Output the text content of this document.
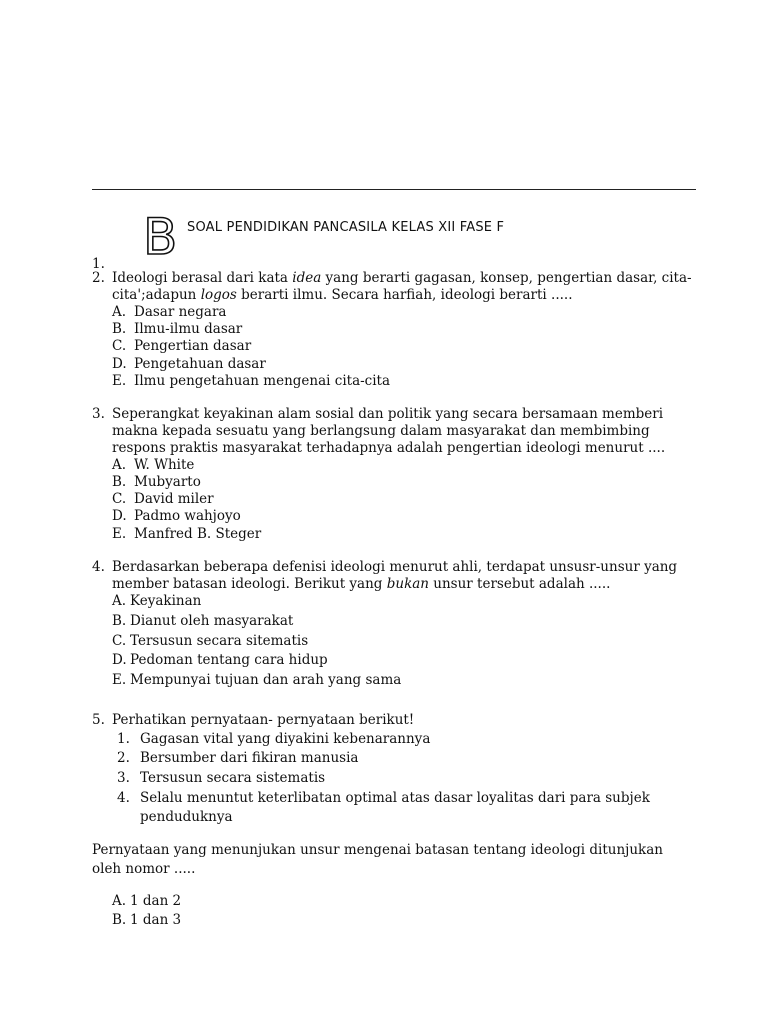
B SOAL PENDIDIKAN PANCASILA KELAS XII FASE F
1.
2. Ideologi berasal dari kata idea yang berarti gagasan, konsep, pengertian dasar, cita-
cita';adapun logos berarti ilmu. Secara harfiah, ideologi berarti .....
A. Dasar negara
B. Ilmu-ilmu dasar
C. Pengertian dasar
D. Pengetahuan dasar
E. Ilmu pengetahuan mengenai cita-cita
3. Seperangkat keyakinan alam sosial dan politik yang secara bersamaan memberi
makna kepada sesuatu yang berlangsung dalam masyarakat dan membimbing
respons praktis masyarakat terhadapnya adalah pengertian ideologi menurut ....
A. W. White
B. Mubyarto
C. David miler
D. Padmo wahjoyo
E. Manfred B. Steger
4. Berdasarkan beberapa defenisi ideologi menurut ahli, terdapat unsusr-unsur yang
member batasan ideologi. Berikut yang bukan unsur tersebut adalah .....
A. Keyakinan
B. Dianut oleh masyarakat
C. Tersusun secara sitematis
D. Pedoman tentang cara hidup
E. Mempunyai tujuan dan arah yang sama
5. Perhatikan pernyataan- pernyataan berikut!
1. Gagasan vital yang diyakini kebenarannya
2. Bersumber dari fikiran manusia
3. Tersusun secara sistematis
4. Selalu menuntut keterlibatan optimal atas dasar loyalitas dari para subjek
penduduknya
Pernyataan yang menunjukan unsur mengenai batasan tentang ideologi ditunjukan
oleh nomor .....
A. 1 dan 2
B. 1 dan 3
